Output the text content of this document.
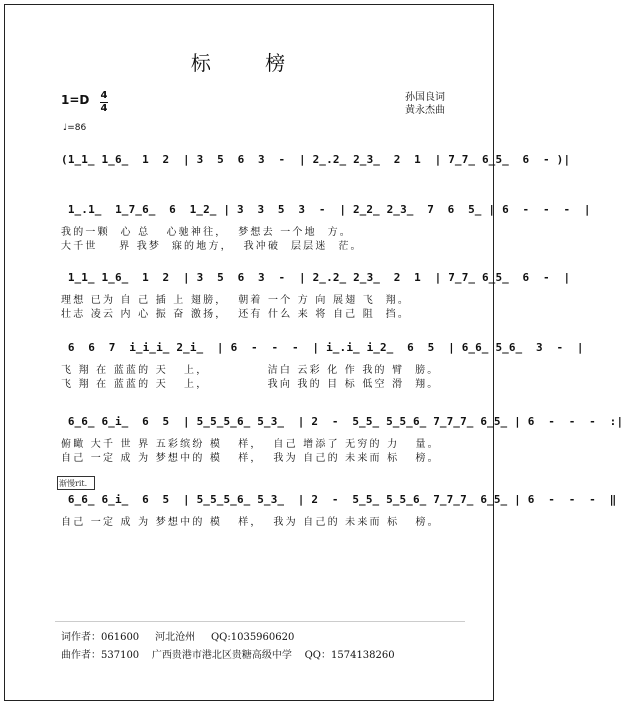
标 榜
1=D 4
4
孙国良词
黄永杰曲
♩=86
(1̲1̲ 1̲6̲  1  2  | 3  5  6  3  -  | 2̲.2̲ 2̲3̲  2  1  | 7̲7̲ 6̲5̲  6  - )|
1̲.1̲  1̲7̲6̲  6  1̲2̲ | 3  3  5  3  -  | 2̲2̲ 2̲3̲  7  6  5̲ | 6  -  -  -  |
我的一颗  心 总   心驰神往，  梦想去 一个地  方。
大千世    界 我梦  寐的地方，  我冲破  层层迷  茫。
1̲1̲ 1̲6̲  1  2  | 3  5  6  3  -  | 2̲.2̲ 2̲3̲  2  1  | 7̲7̲ 6̲5̲  6  -  |
理想 已为 自 己 插 上 翅膀，  朝着 一个 方 向 展翅 飞  翔。
壮志 凌云 内 心 振 奋 激扬，  还有 什么 来 将 自己 阻  挡。
6  6  7  i̲i̲i̲ 2̲i̲  | 6  -  -  -  | i̲.i̲ i̲2̲  6  5  | 6̲6̲ 5̲6̲  3  -  |
飞 翔 在 蓝蓝的 天   上，           洁白 云彩 化 作 我的 臂  膀。
飞 翔 在 蓝蓝的 天   上，           我向 我的 目 标 低空 滑  翔。
6̲6̲ 6̲i̲  6  5  | 5̲5̲5̲6̲ 5̲3̲  | 2  -  5̲5̲ 5̲5̲6̲ 7̲7̲7̲ 6̲5̲ | 6  -  -  -  :|
俯瞰 大千 世 界 五彩缤纷 模   样，  自己 增添了 无穷的 力   量。
自己 一定 成 为 梦想中的 模   样，  我为 自己的 未来而 标   榜。
6̲6̲ 6̲i̲  6  5  | 5̲5̲5̲6̲ 5̲3̲  | 2  -  5̲5̲ 5̲5̲6̲ 7̲7̲7̲ 6̲5̲ | 6  -  -  -  ‖
自己 一定 成 为 梦想中的 模   样，  我为 自己的 未来而 标   榜。
渐慢rit.
词作者：061600     河北沧州     QQ:1035960620
曲作者：537100    广西贵港市港北区贵糖高级中学    QQ：1574138260
